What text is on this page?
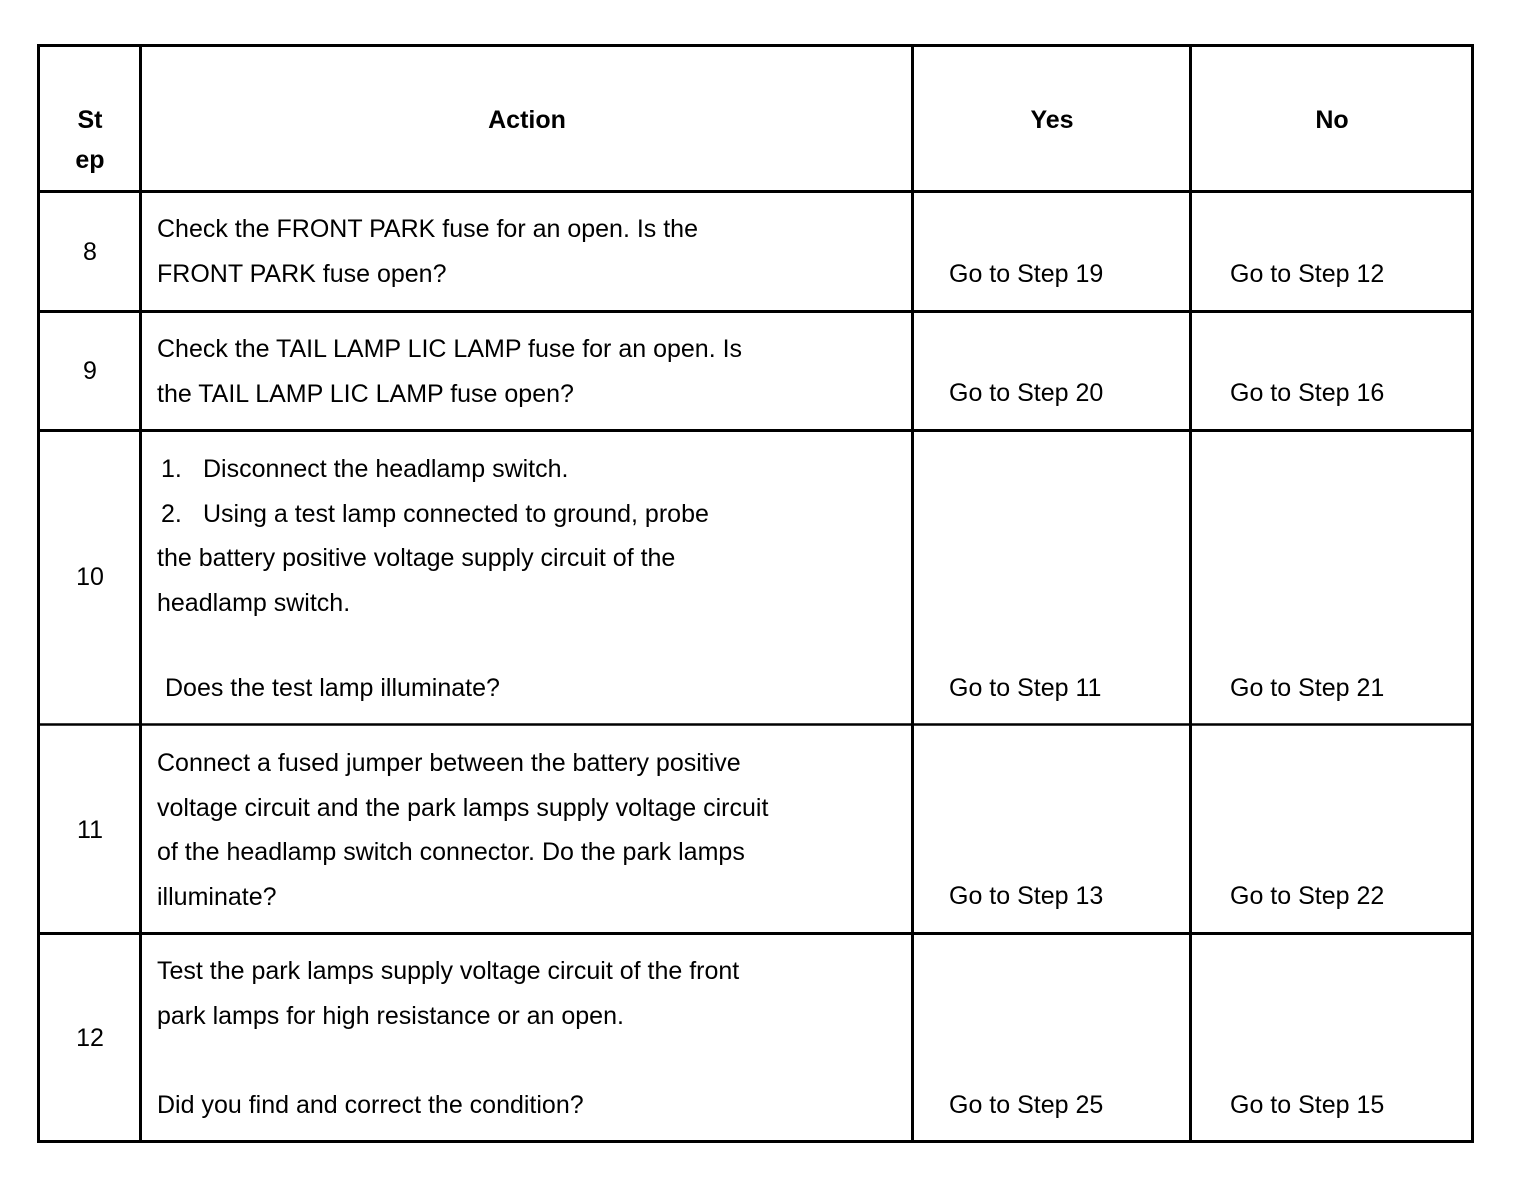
St
ep
Action	Yes	No
8
Check the FRONT PARK fuse for an open. Is the
FRONT PARK fuse open?	Go to Step 19	Go to Step 12
9
Check the TAIL LAMP LIC LAMP fuse for an open. Is
the TAIL LAMP LIC LAMP fuse open?	Go to Step 20	Go to Step 16
10
1. Disconnect the headlamp switch.
2. Using a test lamp connected to ground, probe
the battery positive voltage supply circuit of the
headlamp switch.
Does the test lamp illuminate?	Go to Step 11	Go to Step 21
11
Connect a fused jumper between the battery positive
voltage circuit and the park lamps supply voltage circuit
of the headlamp switch connector. Do the park lamps
illuminate?	Go to Step 13	Go to Step 22
12
Test the park lamps supply voltage circuit of the front
park lamps for high resistance or an open.
Did you find and correct the condition?	Go to Step 25	Go to Step 15
